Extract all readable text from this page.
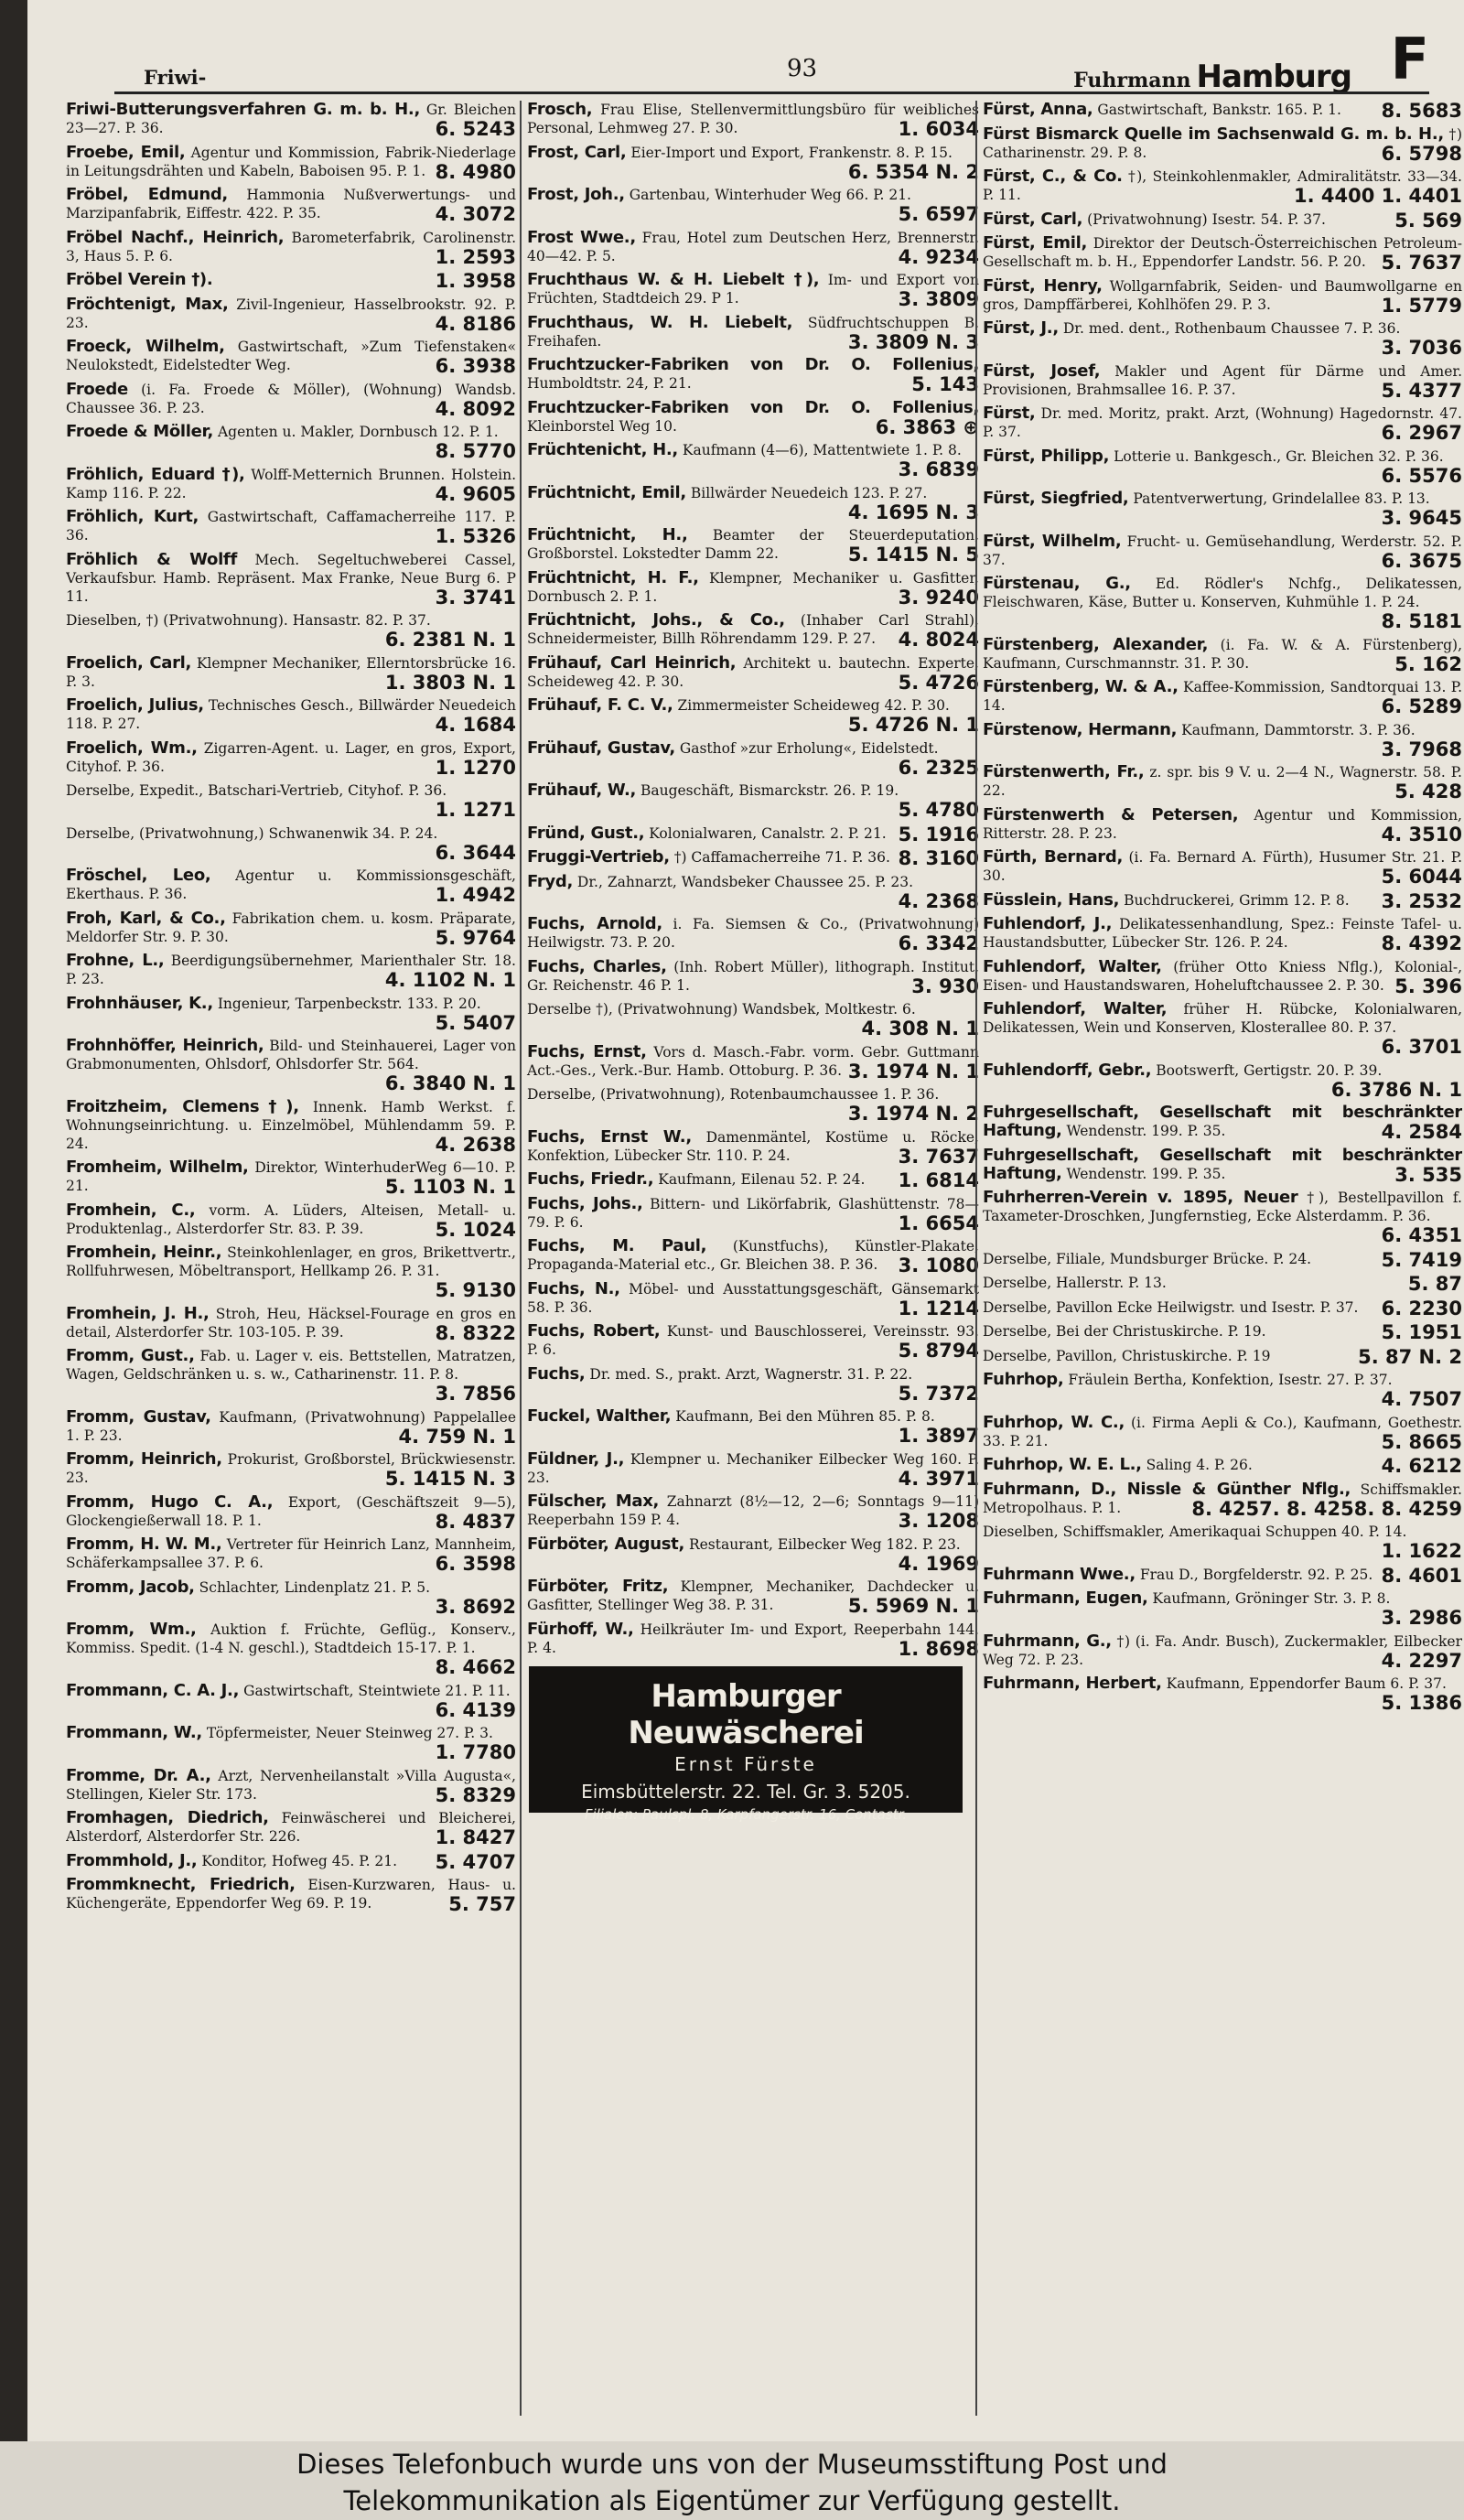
Friwi-	93	Fuhrmann Hamburg F
Friwi-Butterungsverfahren G. m. b. H., Gr. Bleichen 23—27. P. 36.	6. 5243
Froebe, Emil, Agentur und Kommission, Fabrik-Niederlage in Leitungsdrähten und Kabeln, Baboisen 95. P. 1. 8. 4980
Fröbel, Edmund, Hammonia Nußverwertungs- und Marzipanfabrik, Eiffestr. 422. P. 35.	4. 3072
Fröbel Nachf., Heinrich, Barometerfabrik, Carolinenstr. 3, Haus 5. P. 6.	1. 2593
Fröbel Verein †).	1. 3958
Fröchtenigt, Max, Zivil-Ingenieur, Hasselbrookstr. 92. P. 23.	4. 8186
Froeck, Wilhelm, Gastwirtschaft, »Zum Tiefenstaken« Neulokstedt, Eidelstedter Weg.	6. 3938
Froede (i. Fa. Froede & Möller), (Wohnung) Wandsb. Chaussee 36. P. 23.	4. 8092
Froede & Möller, Agenten u. Makler, Dornbusch 12. P. 1.
8. 5770
Fröhlich, Eduard †), Wolff-Metternich Brunnen. Holstein. Kamp 116. P. 22.	4. 9605
Fröhlich, Kurt, Gastwirtschaft, Caffamacherreihe 117. P. 36.	1. 5326
Fröhlich & Wolff Mech. Segeltuchweberei Cassel, Verkaufsbur. Hamb. Repräsent. Max Franke, Neue Burg 6. P 11.	3. 3741
Dieselben, †) (Privatwohnung). Hansastr. 82. P. 37.
6. 2381 N. 1
Froelich, Carl, Klempner Mechaniker, Ellerntorsbrücke 16. P. 3.	1. 3803 N. 1
Froelich, Julius, Technisches Gesch., Billwärder Neuedeich 118. P. 27.	4. 1684
Froelich, Wm., Zigarren-Agent. u. Lager, en gros, Export, Cityhof. P. 36.	1. 1270
Derselbe, Expedit., Batschari-Vertrieb, Cityhof. P. 36.
1. 1271
Derselbe, (Privatwohnung,) Schwanenwik 34. P. 24.
6. 3644
Fröschel, Leo, Agentur u. Kommissionsgeschäft, Ekerthaus. P. 36.	1. 4942
Froh, Karl, & Co., Fabrikation chem. u. kosm. Präparate, Meldorfer Str. 9. P. 30.	5. 9764
Frohne, L., Beerdigungsübernehmer, Marienthaler Str. 18. P. 23.	4. 1102 N. 1
Frohnhäuser, K., Ingenieur, Tarpenbeckstr. 133. P. 20.
5. 5407
Frohnhöffer, Heinrich, Bild- und Steinhauerei, Lager von Grabmonumenten, Ohlsdorf, Ohlsdorfer Str. 564.
6. 3840 N. 1
Froitzheim, Clemens†), Innenk. Hamb Werkst. f. Wohnungseinrichtung. u. Einzelmöbel, Mühlendamm 59. P. 24.	4. 2638
Fromheim, Wilhelm, Direktor, WinterhuderWeg 6—10. P. 21.	5. 1103 N. 1
Fromhein, C., vorm. A. Lüders, Alteisen, Metall- u. Produktenlag., Alsterdorfer Str. 83. P. 39.	5. 1024
Fromhein, Heinr., Steinkohlenlager, en gros, Brikettvertr., Rollfuhrwesen, Möbeltransport, Hellkamp 26. P. 31.
5. 9130
Fromhein, J. H., Stroh, Heu, Häcksel-Fourage en gros en detail, Alsterdorfer Str. 103-105. P. 39.	8. 8322
Fromm, Gust., Fab. u. Lager v. eis. Bettstellen, Matratzen, Wagen, Geldschränken u. s. w., Catharinenstr. 11. P. 8.
3. 7856
Fromm, Gustav, Kaufmann, (Privatwohnung) Pappelallee 1. P. 23.	4. 759 N. 1
Fromm, Heinrich, Prokurist, Großborstel, Brückwiesenstr. 23.	5. 1415 N. 3
Fromm, Hugo C. A., Export, (Geschäftszeit 9—5), Glockengießerwall 18. P. 1.	8. 4837
Fromm, H. W. M., Vertreter für Heinrich Lanz, Mannheim, Schäferkampsallee 37. P. 6.	6. 3598
Fromm, Jacob, Schlachter, Lindenplatz 21. P. 5.
3. 8692
Fromm, Wm., Auktion f. Früchte, Geflüg., Konserv., Kommiss. Spedit. (1-4 N. geschl.), Stadtdeich 15-17. P. 1.
8. 4662
Frommann, C. A. J., Gastwirtschaft, Steintwiete 21. P. 11.
6. 4139
Frommann, W., Töpfermeister, Neuer Steinweg 27. P. 3.
1. 7780
Fromme, Dr. A., Arzt, Nervenheilanstalt »Villa Augusta«, Stellingen, Kieler Str. 173.	5. 8329
Fromhagen, Diedrich, Feinwäscherei und Bleicherei, Alsterdorf, Alsterdorfer Str. 226.	1. 8427
Frommhold, J., Konditor, Hofweg 45. P. 21. 5. 4707
Frommknecht, Friedrich, Eisen-Kurzwaren, Haus- u. Küchengeräte, Eppendorfer Weg 69. P. 19.	5. 757
Frosch, Frau Elise, Stellenvermittlungsbüro für weibliches Personal, Lehmweg 27. P. 30.	1. 6034
Frost, Carl, Eier-Import und Export, Frankenstr. 8. P. 15.
6. 5354 N. 2
Frost, Joh., Gartenbau, Winterhuder Weg 66. P. 21.
5. 6597
Frost Wwe., Frau, Hotel zum Deutschen Herz, Brennerstr. 40—42. P. 5.	4. 9234
Fruchthaus W. & H. Liebelt †), Im- und Export von Früchten, Stadtdeich 29. P 1.	3. 3809
Fruchthaus, W. H. Liebelt, Südfruchtschuppen B. Freihafen.	3. 3809 N. 3
Fruchtzucker-Fabriken von Dr. O. Follenius, Humboldtstr. 24, P. 21.	5. 143
Fruchtzucker-Fabriken von Dr. O. Follenius, Kleinborstel Weg 10.	6. 3863 ⊕
Früchtenicht, H., Kaufmann (4—6), Mattentwiete 1. P. 8.
3. 6839
Früchtnicht, Emil, Billwärder Neuedeich 123. P. 27.
4. 1695 N. 3
Früchtnicht, H., Beamter der Steuerdeputation, Großborstel. Lokstedter Damm 22.	5. 1415 N. 5
Früchtnicht, H. F., Klempner, Mechaniker u. Gasfitter, Dornbusch 2. P. 1.	3. 9240
Früchtnicht, Johs., & Co., (Inhaber Carl Strahl), Schneidermeister, Billh Röhrendamm 129. P. 27. 4. 8024
Frühauf, Carl Heinrich, Architekt u. bautechn. Experte, Scheideweg 42. P. 30.	5. 4726
Frühauf, F. C. V., Zimmermeister Scheideweg 42. P. 30.
5. 4726 N. 1
Frühauf, Gustav, Gasthof »zur Erholung«, Eidelstedt.
6. 2325
Frühauf, W., Baugeschäft, Bismarckstr. 26. P. 19.
5. 4780
Fründ, Gust., Kolonialwaren, Canalstr. 2. P. 21. 5. 1916
Fruggi-Vertrieb, †) Caffamacherreihe 71. P. 36. 8. 3160
Fryd, Dr., Zahnarzt, Wandsbeker Chaussee 25. P. 23.
4. 2368
Fuchs, Arnold, i. Fa. Siemsen & Co., (Privatwohnung) Heilwigstr. 73. P. 20.	6. 3342
Fuchs, Charles, (Inh. Robert Müller), lithograph. Institut, Gr. Reichenstr. 46 P. 1.	3. 930
Derselbe †), (Privatwohnung) Wandsbek, Moltkestr. 6.
4. 308 N. 1
Fuchs, Ernst, Vors d. Masch.-Fabr. vorm. Gebr. Guttmann Act.-Ges., Verk.-Bur. Hamb. Ottoburg. P. 36. 3. 1974 N. 1
Derselbe, (Privatwohnung), Rotenbaumchaussee 1. P. 36.
3. 1974 N. 2
Fuchs, Ernst W., Damenmäntel, Kostüme u. Röcke, Konfektion, Lübecker Str. 110. P. 24.	3. 7637
Fuchs, Friedr., Kaufmann, Eilenau 52. P. 24. 1. 6814
Fuchs, Johs., Bittern- und Likörfabrik, Glashüttenstr. 78—79. P. 6.	1. 6654
Fuchs, M. Paul, (Kunstfuchs), Künstler-Plakate, Propaganda-Material etc., Gr. Bleichen 38. P. 36. 3. 1080
Fuchs, N., Möbel- und Ausstattungsgeschäft, Gänsemarkt 58. P. 36.	1. 1214
Fuchs, Robert, Kunst- und Bauschlosserei, Vereinsstr. 93. P. 6.	5. 8794
Fuchs, Dr. med. S., prakt. Arzt, Wagnerstr. 31. P. 22.
5. 7372
Fuckel, Walther, Kaufmann, Bei den Mühren 85. P. 8.
1. 3897
Füldner, J., Klempner u. Mechaniker Eilbecker Weg 160. P. 23.	4. 3971
Fülscher, Max, Zahnarzt (8½—12, 2—6; Sonntags 9—11) Reeperbahn 159 P. 4.	3. 1208
Fürböter, August, Restaurant, Eilbecker Weg 182. P. 23.
4. 1969
Fürböter, Fritz, Klempner, Mechaniker, Dachdecker u. Gasfitter, Stellinger Weg 38. P. 31.	5. 5969 N. 1
Fürhoff, W., Heilkräuter Im- und Export, Reeperbahn 144. P. 4.	1. 8698
Hamburger Neuwäscherei
Ernst Fürste
Eimsbüttelerstr. 22. Tel. Gr. 3. 5205.
Filialen: Paulspl. 8, Karpfangerstr. 16, Contastr.
Fürst, Anna, Gastwirtschaft, Bankstr. 165. P. 1. 8. 5683
Fürst Bismarck Quelle im Sachsenwald G. m. b. H., †) Catharinenstr. 29. P. 8.	6. 5798
Fürst, C., & Co. †), Steinkohlenmakler, Admiralitätstr. 33—34. P. 11.	1. 4400 1. 4401
Fürst, Carl, (Privatwohnung) Isestr. 54. P. 37.	5. 569
Fürst, Emil, Direktor der Deutsch-Österreichischen Petroleum-Gesellschaft m. b. H., Eppendorfer Landstr. 56. P. 20. 5. 7637
Fürst, Henry, Wollgarnfabrik, Seiden- und Baumwollgarne en gros, Dampffärberei, Kohlhöfen 29. P. 3.	1. 5779
Fürst, J., Dr. med. dent., Rothenbaum Chaussee 7. P. 36.
3. 7036
Fürst, Josef, Makler und Agent für Därme und Amer. Provisionen, Brahmsallee 16. P. 37.	5. 4377
Fürst, Dr. med. Moritz, prakt. Arzt, (Wohnung) Hagedornstr. 47. P. 37.	6. 2967
Fürst, Philipp, Lotterie u. Bankgesch., Gr. Bleichen 32. P. 36.
6. 5576
Fürst, Siegfried, Patentverwertung, Grindelallee 83. P. 13.
3. 9645
Fürst, Wilhelm, Frucht- u. Gemüsehandlung, Werderstr. 52. P. 37.	6. 3675
Fürstenau, G., Ed. Rödler's Nchfg., Delikatessen, Fleischwaren, Käse, Butter u. Konserven, Kuhmühle 1. P. 24.
8. 5181
Fürstenberg, Alexander, (i. Fa. W. & A. Fürstenberg), Kaufmann, Curschmannstr. 31. P. 30.	5. 162
Fürstenberg, W. & A., Kaffee-Kommission, Sandtorquai 13. P. 14.	6. 5289
Fürstenow, Hermann, Kaufmann, Dammtorstr. 3. P. 36.
3. 7968
Fürstenwerth, Fr., z. spr. bis 9 V. u. 2—4 N., Wagnerstr. 58. P. 22.	5. 428
Fürstenwerth & Petersen, Agentur und Kommission, Ritterstr. 28. P. 23.	4. 3510
Fürth, Bernard, (i. Fa. Bernard A. Fürth), Husumer Str. 21. P. 30.	5. 6044
Füsslein, Hans, Buchdruckerei, Grimm 12. P. 8. 3. 2532
Fuhlendorf, J., Delikatessenhandlung, Spez.: Feinste Tafel- u. Haustandsbutter, Lübecker Str. 126. P. 24.	8. 4392
Fuhlendorf, Walter, (früher Otto Kniess Nflg.), Kolonial-, Eisen- und Haustandswaren, Hoheluftchaussee 2. P. 30. 5. 396
Fuhlendorf, Walter, früher H. Rübcke, Kolonialwaren, Delikatessen, Wein und Konserven, Klosterallee 80. P. 37.
6. 3701
Fuhlendorff, Gebr., Bootswerft, Gertigstr. 20. P. 39.
6. 3786 N. 1
Fuhrgesellschaft, Gesellschaft mit beschränkter Haftung, Wendenstr. 199. P. 35.	4. 2584
Fuhrgesellschaft, Gesellschaft mit beschränkter Haftung, Wendenstr. 199. P. 35.	3. 535
Fuhrherren-Verein v. 1895, Neuer †), Bestellpavillon f. Taxameter-Droschken, Jungfernstieg, Ecke Alsterdamm. P. 36.
6. 4351
Derselbe, Filiale, Mundsburger Brücke. P. 24.	5. 7419
Derselbe, Hallerstr. P. 13.	5. 87
Derselbe, Pavillon Ecke Heilwigstr. und Isestr. P. 37. 6. 2230
Derselbe, Bei der Christuskirche. P. 19.	5. 1951
Derselbe, Pavillon, Christuskirche. P. 19	5. 87 N. 2
Fuhrhop, Fräulein Bertha, Konfektion, Isestr. 27. P. 37.
4. 7507
Fuhrhop, W. C., (i. Firma Aepli & Co.), Kaufmann, Goethestr. 33. P. 21.	5. 8665
Fuhrhop, W. E. L., Saling 4. P. 26.	4. 6212
Fuhrmann, D., Nissle & Günther Nflg., Schiffsmakler. Metropolhaus. P. 1.	8. 4257. 8. 4258. 8. 4259
Dieselben, Schiffsmakler, Amerikaquai Schuppen 40. P. 14.
1. 1622
Fuhrmann Wwe., Frau D., Borgfelderstr. 92. P. 25. 8. 4601
Fuhrmann, Eugen, Kaufmann, Gröninger Str. 3. P. 8.
3. 2986
Fuhrmann, G., †) (i. Fa. Andr. Busch), Zuckermakler, Eilbecker Weg 72. P. 23.	4. 2297
Fuhrmann, Herbert, Kaufmann, Eppendorfer Baum 6. P. 37.
5. 1386
Dieses Telefonbuch wurde uns von der Museumsstiftung Post und
Telekommunikation als Eigentümer zur Verfügung gestellt.
